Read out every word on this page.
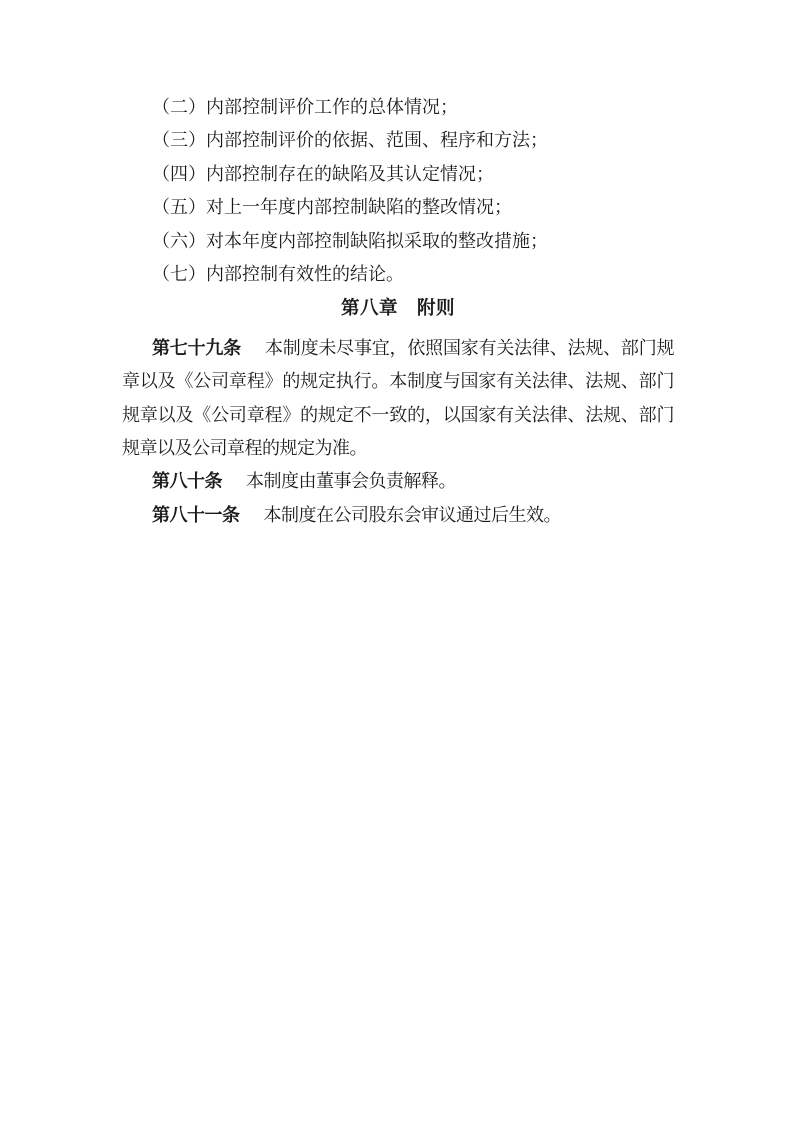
（二）内部控制评价工作的总体情况；

（三）内部控制评价的依据、范围、程序和方法；

（四）内部控制存在的缺陷及其认定情况；

（五）对上一年度内部控制缺陷的整改情况；

（六）对本年度内部控制缺陷拟采取的整改措施；

（七）内部控制有效性的结论。

第八章　附则

第七十九条 本制度未尽事宜，依照国家有关法律、法规、部门规章以及《公司章程》的规定执行。本制度与国家有关法律、法规、部门规章以及《公司章程》的规定不一致的，以国家有关法律、法规、部门规章以及公司章程的规定为准。

第八十条 本制度由董事会负责解释。

第八十一条 本制度在公司股东会审议通过后生效。
